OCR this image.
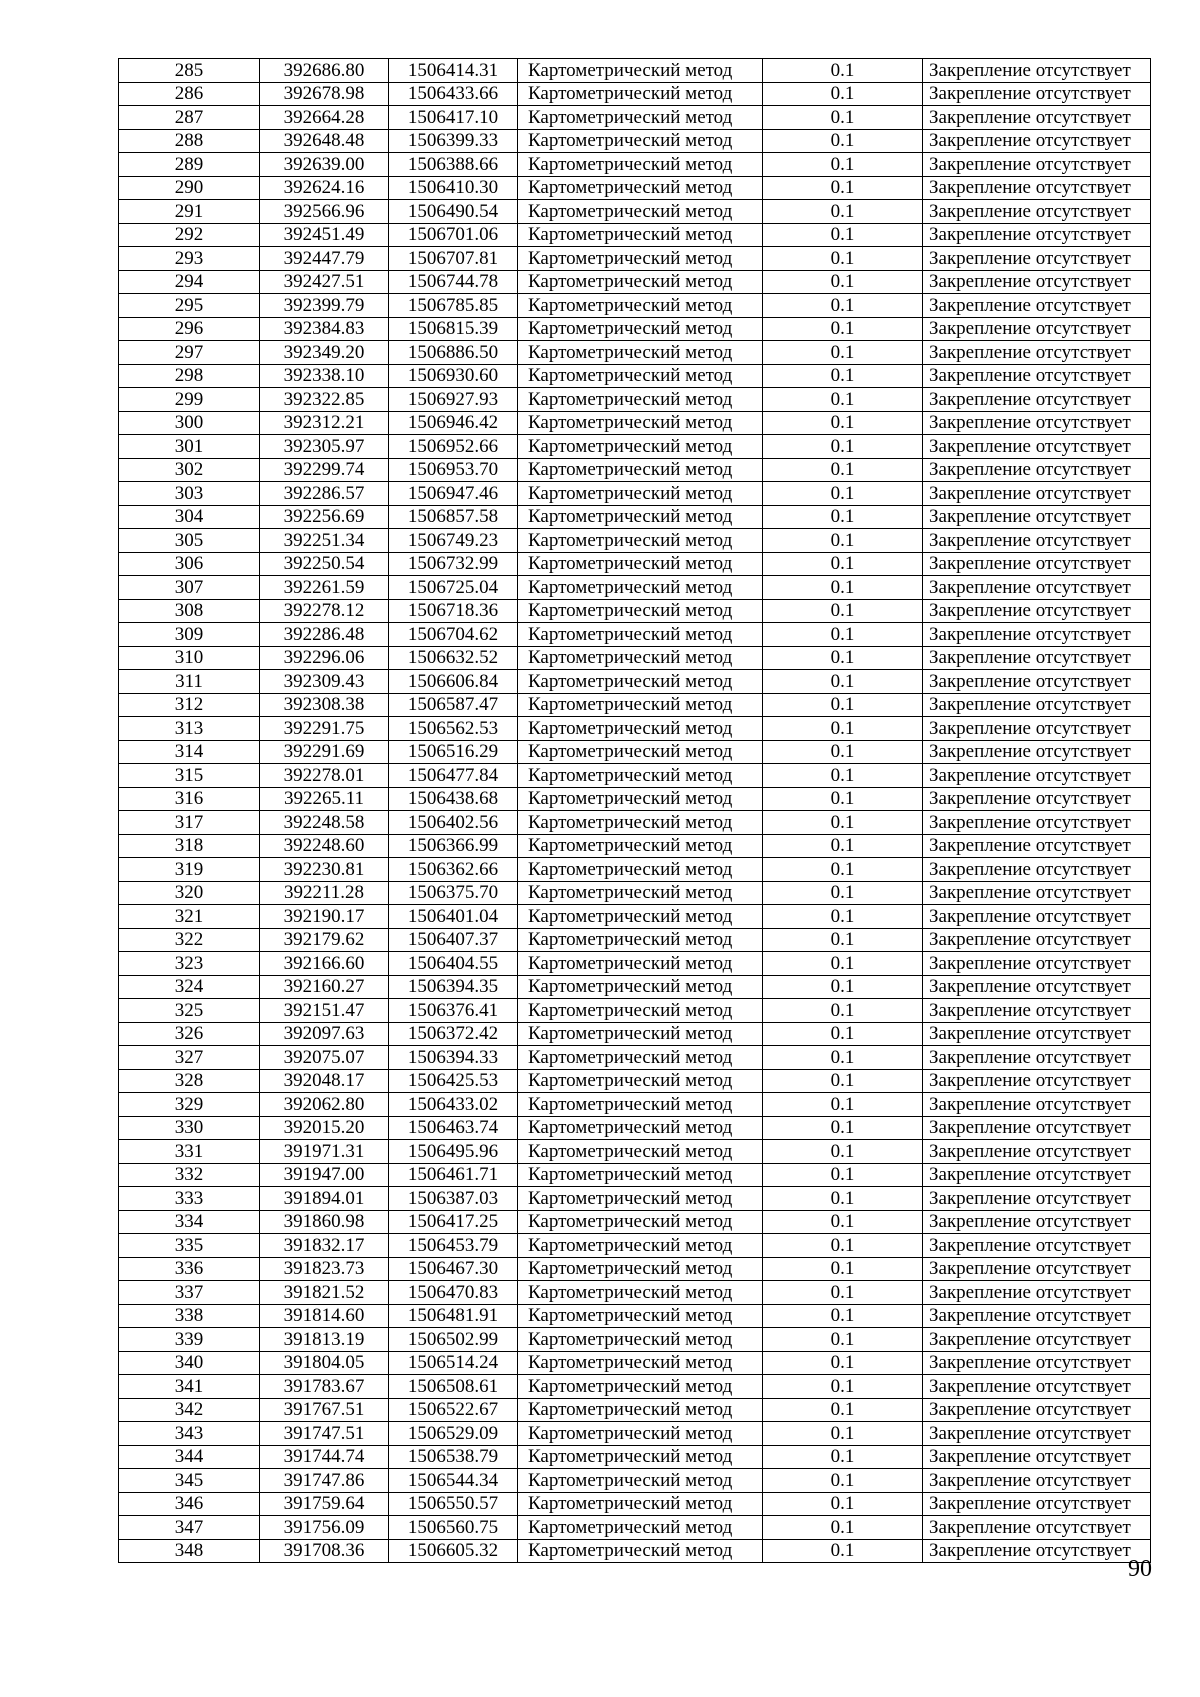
285	392686.80	1506414.31	Картометрический метод	0.1	Закрепление отсутствует
286	392678.98	1506433.66	Картометрический метод	0.1	Закрепление отсутствует
287	392664.28	1506417.10	Картометрический метод	0.1	Закрепление отсутствует
288	392648.48	1506399.33	Картометрический метод	0.1	Закрепление отсутствует
289	392639.00	1506388.66	Картометрический метод	0.1	Закрепление отсутствует
290	392624.16	1506410.30	Картометрический метод	0.1	Закрепление отсутствует
291	392566.96	1506490.54	Картометрический метод	0.1	Закрепление отсутствует
292	392451.49	1506701.06	Картометрический метод	0.1	Закрепление отсутствует
293	392447.79	1506707.81	Картометрический метод	0.1	Закрепление отсутствует
294	392427.51	1506744.78	Картометрический метод	0.1	Закрепление отсутствует
295	392399.79	1506785.85	Картометрический метод	0.1	Закрепление отсутствует
296	392384.83	1506815.39	Картометрический метод	0.1	Закрепление отсутствует
297	392349.20	1506886.50	Картометрический метод	0.1	Закрепление отсутствует
298	392338.10	1506930.60	Картометрический метод	0.1	Закрепление отсутствует
299	392322.85	1506927.93	Картометрический метод	0.1	Закрепление отсутствует
300	392312.21	1506946.42	Картометрический метод	0.1	Закрепление отсутствует
301	392305.97	1506952.66	Картометрический метод	0.1	Закрепление отсутствует
302	392299.74	1506953.70	Картометрический метод	0.1	Закрепление отсутствует
303	392286.57	1506947.46	Картометрический метод	0.1	Закрепление отсутствует
304	392256.69	1506857.58	Картометрический метод	0.1	Закрепление отсутствует
305	392251.34	1506749.23	Картометрический метод	0.1	Закрепление отсутствует
306	392250.54	1506732.99	Картометрический метод	0.1	Закрепление отсутствует
307	392261.59	1506725.04	Картометрический метод	0.1	Закрепление отсутствует
308	392278.12	1506718.36	Картометрический метод	0.1	Закрепление отсутствует
309	392286.48	1506704.62	Картометрический метод	0.1	Закрепление отсутствует
310	392296.06	1506632.52	Картометрический метод	0.1	Закрепление отсутствует
311	392309.43	1506606.84	Картометрический метод	0.1	Закрепление отсутствует
312	392308.38	1506587.47	Картометрический метод	0.1	Закрепление отсутствует
313	392291.75	1506562.53	Картометрический метод	0.1	Закрепление отсутствует
314	392291.69	1506516.29	Картометрический метод	0.1	Закрепление отсутствует
315	392278.01	1506477.84	Картометрический метод	0.1	Закрепление отсутствует
316	392265.11	1506438.68	Картометрический метод	0.1	Закрепление отсутствует
317	392248.58	1506402.56	Картометрический метод	0.1	Закрепление отсутствует
318	392248.60	1506366.99	Картометрический метод	0.1	Закрепление отсутствует
319	392230.81	1506362.66	Картометрический метод	0.1	Закрепление отсутствует
320	392211.28	1506375.70	Картометрический метод	0.1	Закрепление отсутствует
321	392190.17	1506401.04	Картометрический метод	0.1	Закрепление отсутствует
322	392179.62	1506407.37	Картометрический метод	0.1	Закрепление отсутствует
323	392166.60	1506404.55	Картометрический метод	0.1	Закрепление отсутствует
324	392160.27	1506394.35	Картометрический метод	0.1	Закрепление отсутствует
325	392151.47	1506376.41	Картометрический метод	0.1	Закрепление отсутствует
326	392097.63	1506372.42	Картометрический метод	0.1	Закрепление отсутствует
327	392075.07	1506394.33	Картометрический метод	0.1	Закрепление отсутствует
328	392048.17	1506425.53	Картометрический метод	0.1	Закрепление отсутствует
329	392062.80	1506433.02	Картометрический метод	0.1	Закрепление отсутствует
330	392015.20	1506463.74	Картометрический метод	0.1	Закрепление отсутствует
331	391971.31	1506495.96	Картометрический метод	0.1	Закрепление отсутствует
332	391947.00	1506461.71	Картометрический метод	0.1	Закрепление отсутствует
333	391894.01	1506387.03	Картометрический метод	0.1	Закрепление отсутствует
334	391860.98	1506417.25	Картометрический метод	0.1	Закрепление отсутствует
335	391832.17	1506453.79	Картометрический метод	0.1	Закрепление отсутствует
336	391823.73	1506467.30	Картометрический метод	0.1	Закрепление отсутствует
337	391821.52	1506470.83	Картометрический метод	0.1	Закрепление отсутствует
338	391814.60	1506481.91	Картометрический метод	0.1	Закрепление отсутствует
339	391813.19	1506502.99	Картометрический метод	0.1	Закрепление отсутствует
340	391804.05	1506514.24	Картометрический метод	0.1	Закрепление отсутствует
341	391783.67	1506508.61	Картометрический метод	0.1	Закрепление отсутствует
342	391767.51	1506522.67	Картометрический метод	0.1	Закрепление отсутствует
343	391747.51	1506529.09	Картометрический метод	0.1	Закрепление отсутствует
344	391744.74	1506538.79	Картометрический метод	0.1	Закрепление отсутствует
345	391747.86	1506544.34	Картометрический метод	0.1	Закрепление отсутствует
346	391759.64	1506550.57	Картометрический метод	0.1	Закрепление отсутствует
347	391756.09	1506560.75	Картометрический метод	0.1	Закрепление отсутствует
348	391708.36	1506605.32	Картометрический метод	0.1	Закрепление отсутствует
90
